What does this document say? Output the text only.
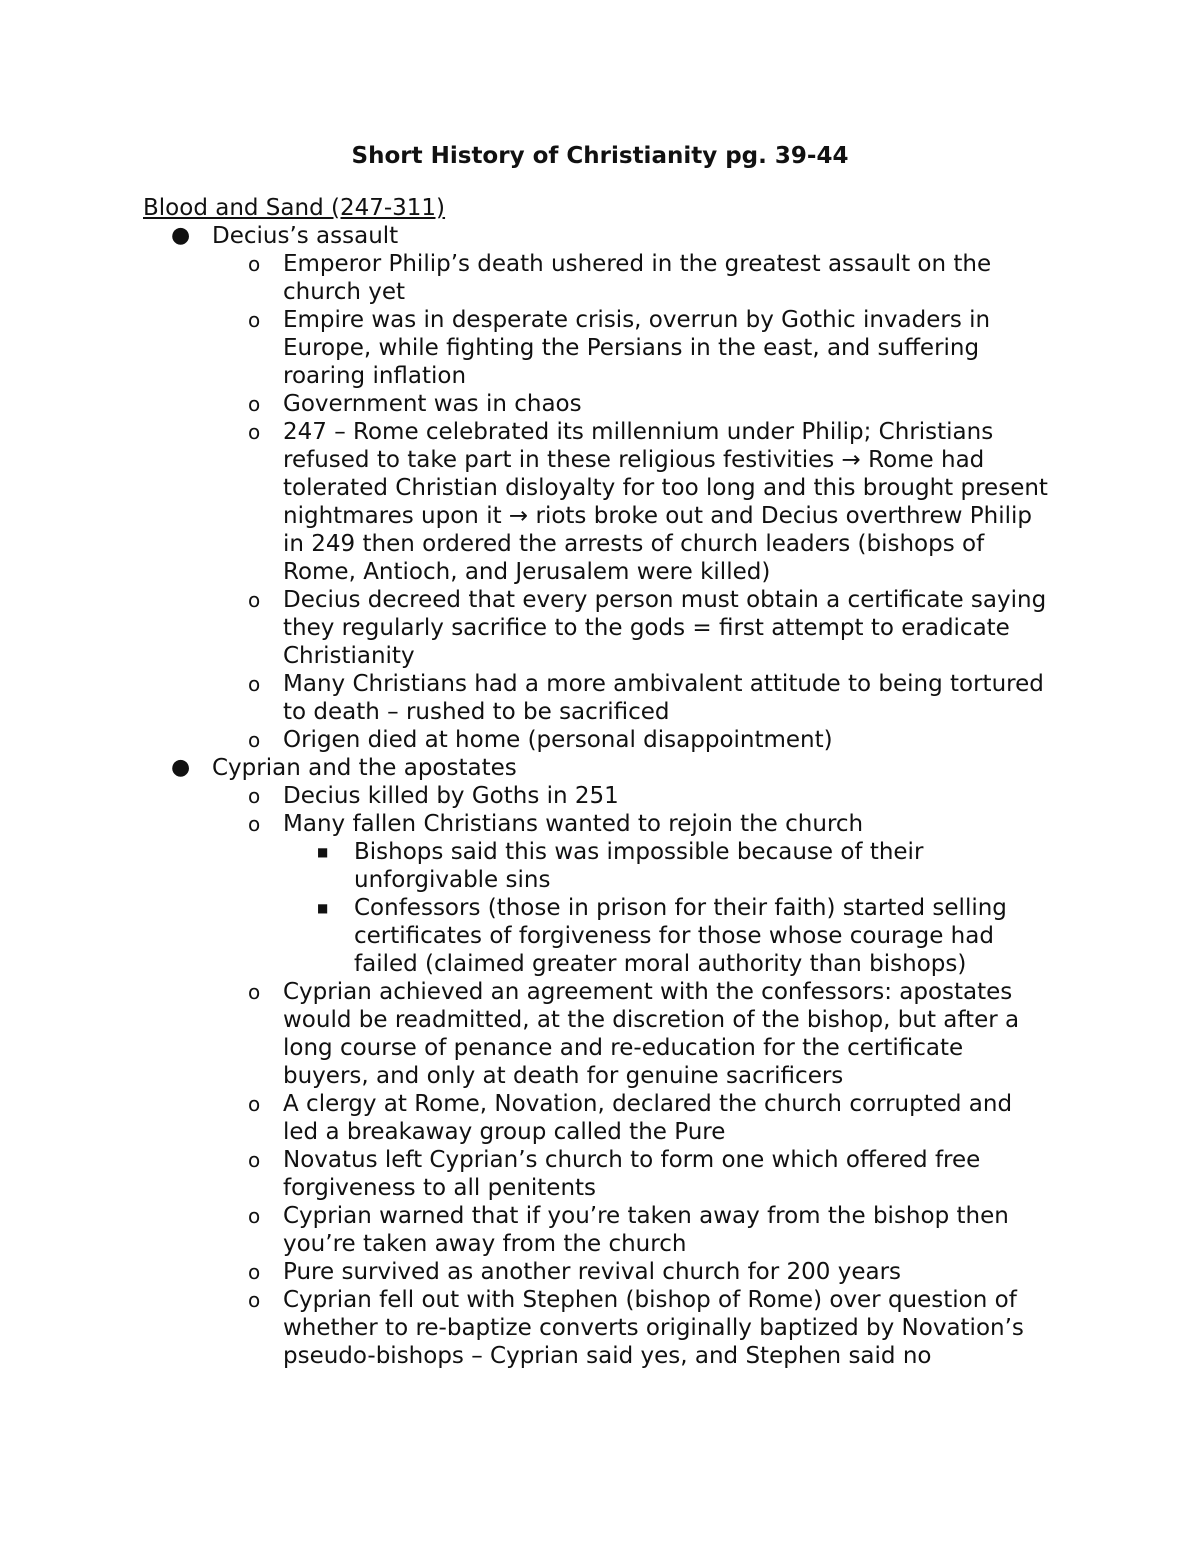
Short History of Christianity pg. 39-44

Blood and Sand (247-311)

● Decius’s assault
o Emperor Philip’s death ushered in the greatest assault on the church yet
o Empire was in desperate crisis, overrun by Gothic invaders in Europe, while fighting the Persians in the east, and suffering roaring inflation
o Government was in chaos
o 247 – Rome celebrated its millennium under Philip; Christians refused to take part in these religious festivities → Rome had tolerated Christian disloyalty for too long and this brought present nightmares upon it → riots broke out and Decius overthrew Philip in 249 then ordered the arrests of church leaders (bishops of Rome, Antioch, and Jerusalem were killed)
o Decius decreed that every person must obtain a certificate saying they regularly sacrifice to the gods = first attempt to eradicate Christianity
o Many Christians had a more ambivalent attitude to being tortured to death – rushed to be sacrificed
o Origen died at home (personal disappointment)
● Cyprian and the apostates
o Decius killed by Goths in 251
o Many fallen Christians wanted to rejoin the church
■ Bishops said this was impossible because of their unforgivable sins
■ Confessors (those in prison for their faith) started selling certificates of forgiveness for those whose courage had failed (claimed greater moral authority than bishops)
o Cyprian achieved an agreement with the confessors: apostates would be readmitted, at the discretion of the bishop, but after a long course of penance and re-education for the certificate buyers, and only at death for genuine sacrificers
o A clergy at Rome, Novation, declared the church corrupted and led a breakaway group called the Pure
o Novatus left Cyprian’s church to form one which offered free forgiveness to all penitents
o Cyprian warned that if you’re taken away from the bishop then you’re taken away from the church
o Pure survived as another revival church for 200 years
o Cyprian fell out with Stephen (bishop of Rome) over question of whether to re-baptize converts originally baptized by Novation’s pseudo-bishops – Cyprian said yes, and Stephen said no
